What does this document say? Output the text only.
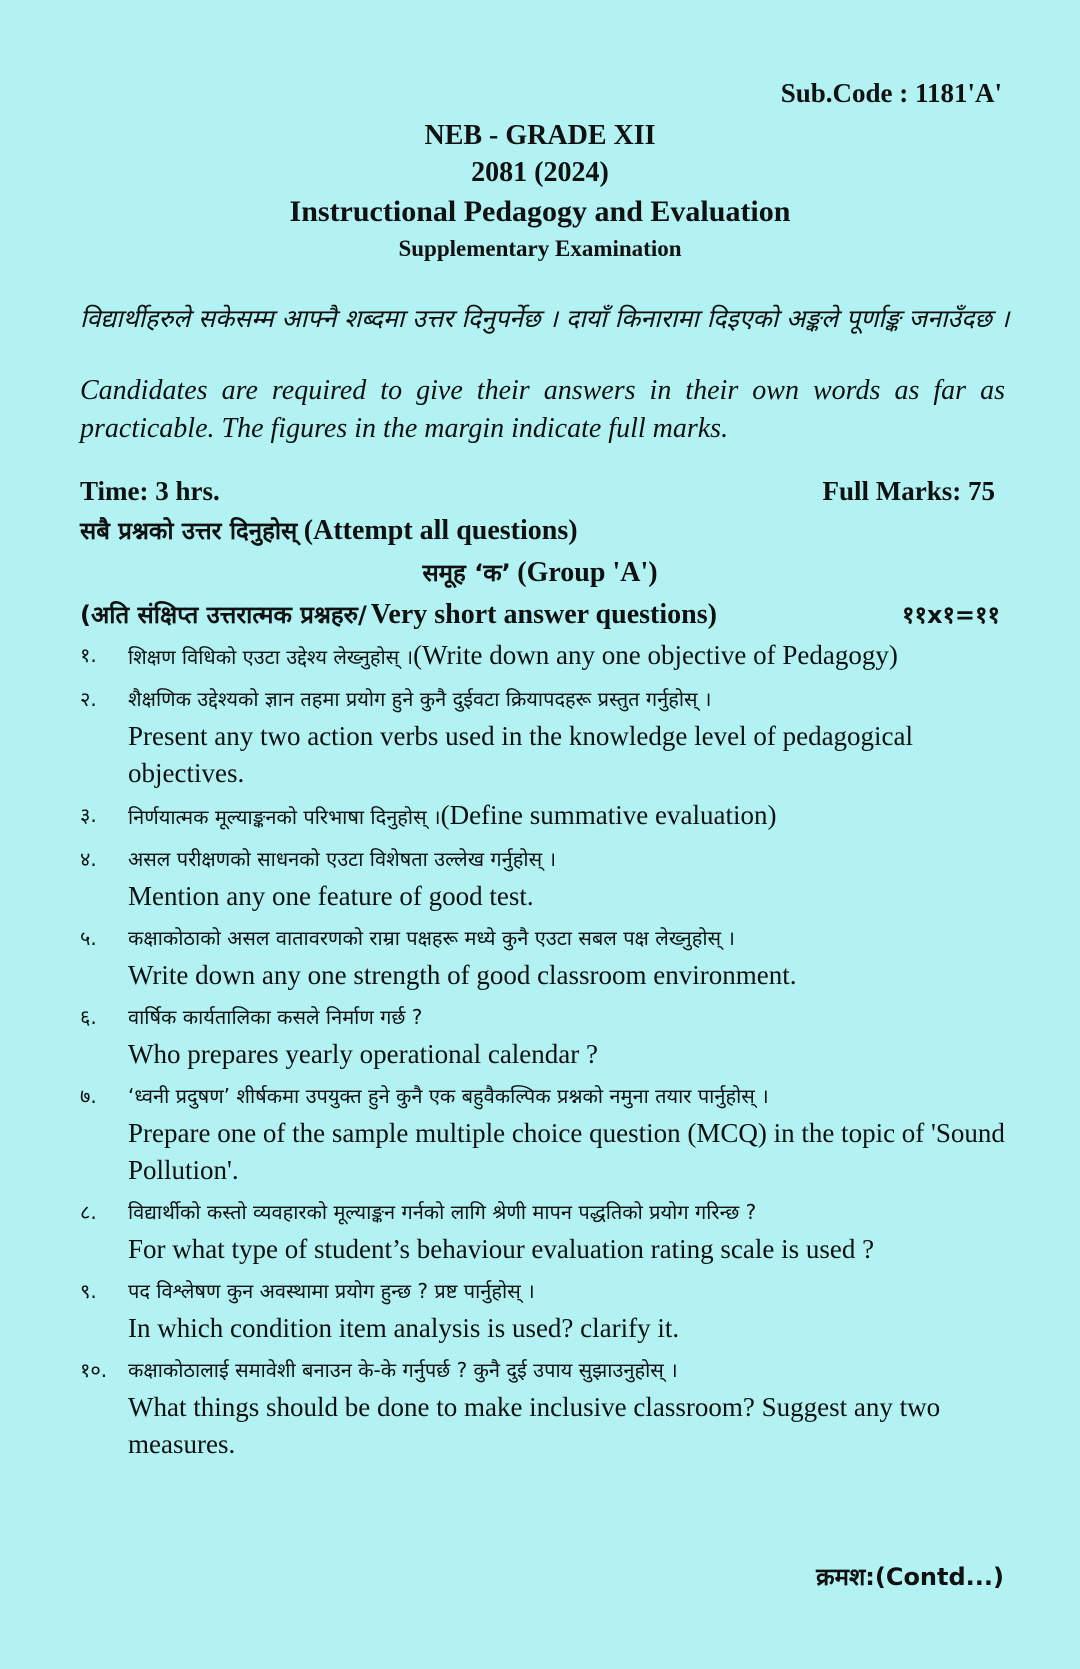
Sub.Code : 1181'A'
NEB - GRADE XII
2081 (2024)
Instructional Pedagogy and Evaluation
Supplementary Examination
विद्यार्थीहरुले सकेसम्म आफ्नै शब्दमा उत्तर दिनुपर्नेछ । दायाँ किनारामा दिइएको अङ्कले पूर्णाङ्क जनाउँदछ ।
Candidates are required to give their answers in their own words as far as
practicable. The figures in the margin indicate full marks.
Time: 3 hrs.	Full Marks: 75
सबै प्रश्नको उत्तर दिनुहोस् (Attempt all questions)
समूह ‘क’ (Group 'A')
(अति संक्षिप्त उत्तरात्मक प्रश्नहरु/ Very short answer questions)	११x१=११
१. शिक्षण विधिको एउटा उद्देश्य लेख्नुहोस् ।(Write down any one objective of Pedagogy)
२. शैक्षणिक उद्देश्यको ज्ञान तहमा प्रयोग हुने कुनै दुईवटा क्रियापदहरू प्रस्तुत गर्नुहोस् ।
Present any two action verbs used in the knowledge level of pedagogical objectives.
३. निर्णयात्मक मूल्याङ्कनको परिभाषा दिनुहोस् ।(Define summative evaluation)
४. असल परीक्षणको साधनको एउटा विशेषता उल्लेख गर्नुहोस् ।
Mention any one feature of good test.
५. कक्षाकोठाको असल वातावरणको राम्रा पक्षहरू मध्ये कुनै एउटा सबल पक्ष लेख्नुहोस् ।
Write down any one strength of good classroom environment.
६. वार्षिक कार्यतालिका कसले निर्माण गर्छ ?
Who prepares yearly operational calendar ?
७. ‘ध्वनी प्रदुषण’ शीर्षकमा उपयुक्त हुने कुनै एक बहुवैकल्पिक प्रश्नको नमुना तयार पार्नुहोस् ।
Prepare one of the sample multiple choice question (MCQ) in the topic of 'Sound Pollution'.
८. विद्यार्थीको कस्तो व्यवहारको मूल्याङ्कन गर्नको लागि श्रेणी मापन पद्धतिको प्रयोग गरिन्छ ?
For what type of student’s behaviour evaluation rating scale is used ?
९. पद विश्लेषण कुन अवस्थामा प्रयोग हुन्छ ? प्रष्ट पार्नुहोस् ।
In which condition item analysis is used? clarify it.
१०. कक्षाकोठालाई समावेशी बनाउन के-के गर्नुपर्छ ? कुनै दुई उपाय सुझाउनुहोस् ।
What things should be done to make inclusive classroom? Suggest any two measures.
क्रमश:(Contd...)
